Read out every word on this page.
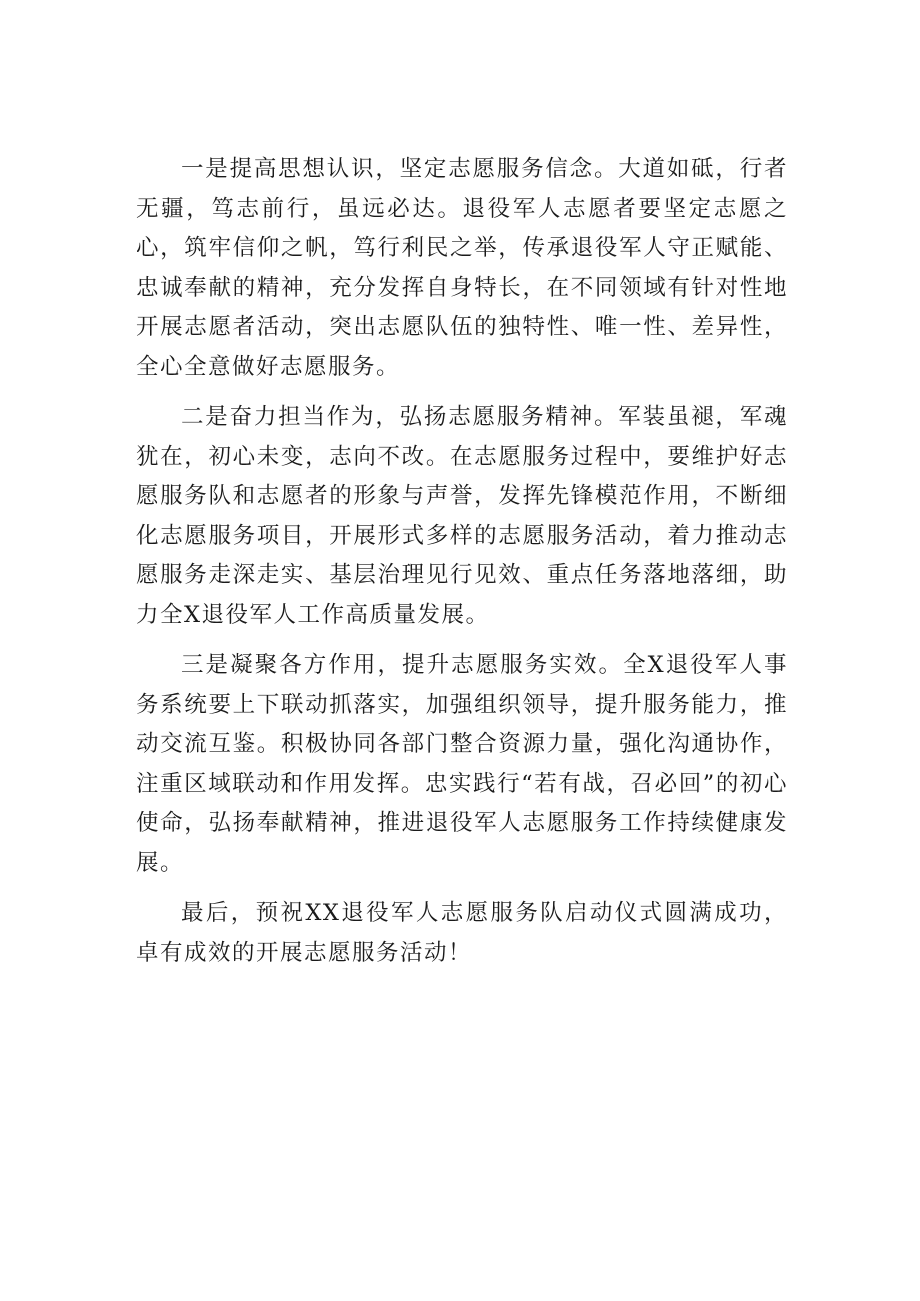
一是提高思想认识，坚定志愿服务信念。大道如砥，行者无疆，笃志前行，虽远必达。退役军人志愿者要坚定志愿之心，筑牢信仰之帆，笃行利民之举，传承退役军人守正赋能、忠诚奉献的精神，充分发挥自身特长，在不同领域有针对性地开展志愿者活动，突出志愿队伍的独特性、唯一性、差异性，全心全意做好志愿服务。

二是奋力担当作为，弘扬志愿服务精神。军装虽褪，军魂犹在，初心未变，志向不改。在志愿服务过程中，要维护好志愿服务队和志愿者的形象与声誉，发挥先锋模范作用，不断细化志愿服务项目，开展形式多样的志愿服务活动，着力推动志愿服务走深走实、基层治理见行见效、重点任务落地落细，助力全X退役军人工作高质量发展。

三是凝聚各方作用，提升志愿服务实效。全X退役军人事务系统要上下联动抓落实，加强组织领导，提升服务能力，推动交流互鉴。积极协同各部门整合资源力量，强化沟通协作，注重区域联动和作用发挥。忠实践行“若有战，召必回”的初心使命，弘扬奉献精神，推进退役军人志愿服务工作持续健康发展。

最后，预祝XX退役军人志愿服务队启动仪式圆满成功，卓有成效的开展志愿服务活动！
